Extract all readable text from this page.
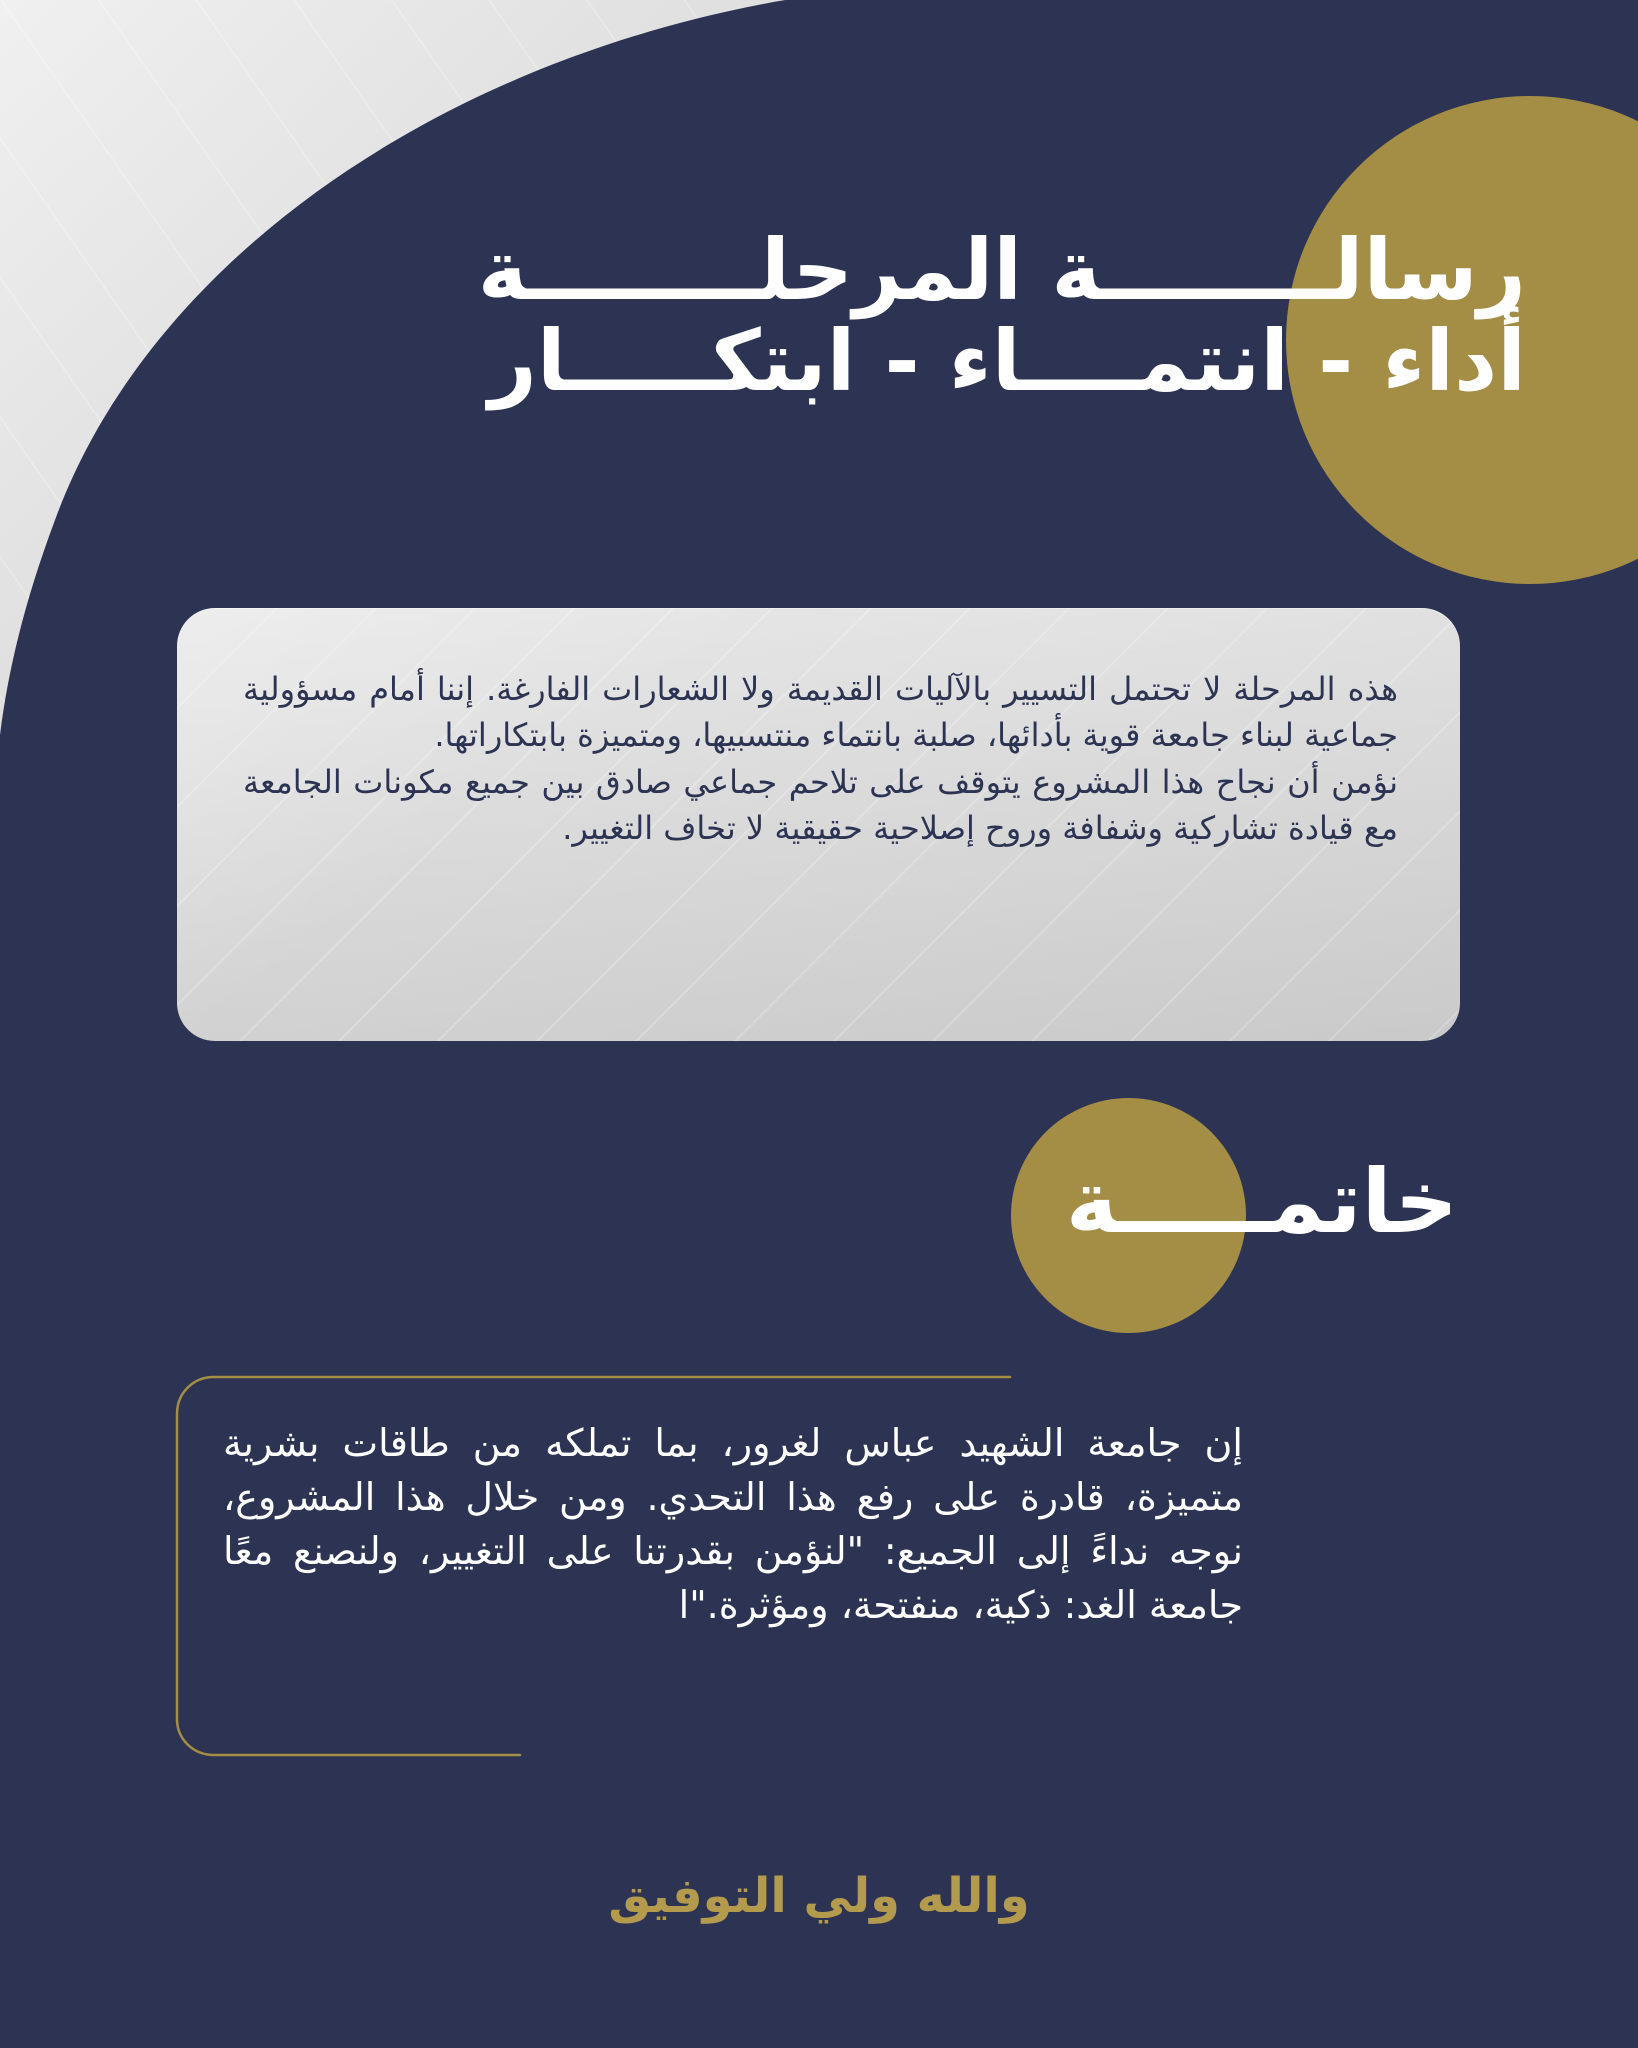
رسالــــــــة المرحلــــــــة
أداء - انتمــــاء - ابتكـــــار

هذه المرحلة لا تحتمل التسيير بالآليات القديمة ولا الشعارات الفارغة. إننا أمام مسؤولية جماعية لبناء جامعة قوية بأدائها، صلبة بانتماء منتسبيها، ومتميزة بابتكاراتها.

نؤمن أن نجاح هذا المشروع يتوقف على تلاحم جماعي صادق بين جميع مكونات الجامعة مع قيادة تشاركية وشفافة وروح إصلاحية حقيقية لا تخاف التغيير.

خاتمـــــة
إن جامعة الشهيد عباس لغرور، بما تملكه من طاقات بشرية متميزة، قادرة على رفع هذا التحدي. ومن خلال هذا المشروع، نوجه نداءً إلى الجميع: "لنؤمن بقدرتنا على التغيير، ولنصنع معًا جامعة الغد: ذكية، منفتحة، ومؤثرة."ا
والله ولي التوفيق
